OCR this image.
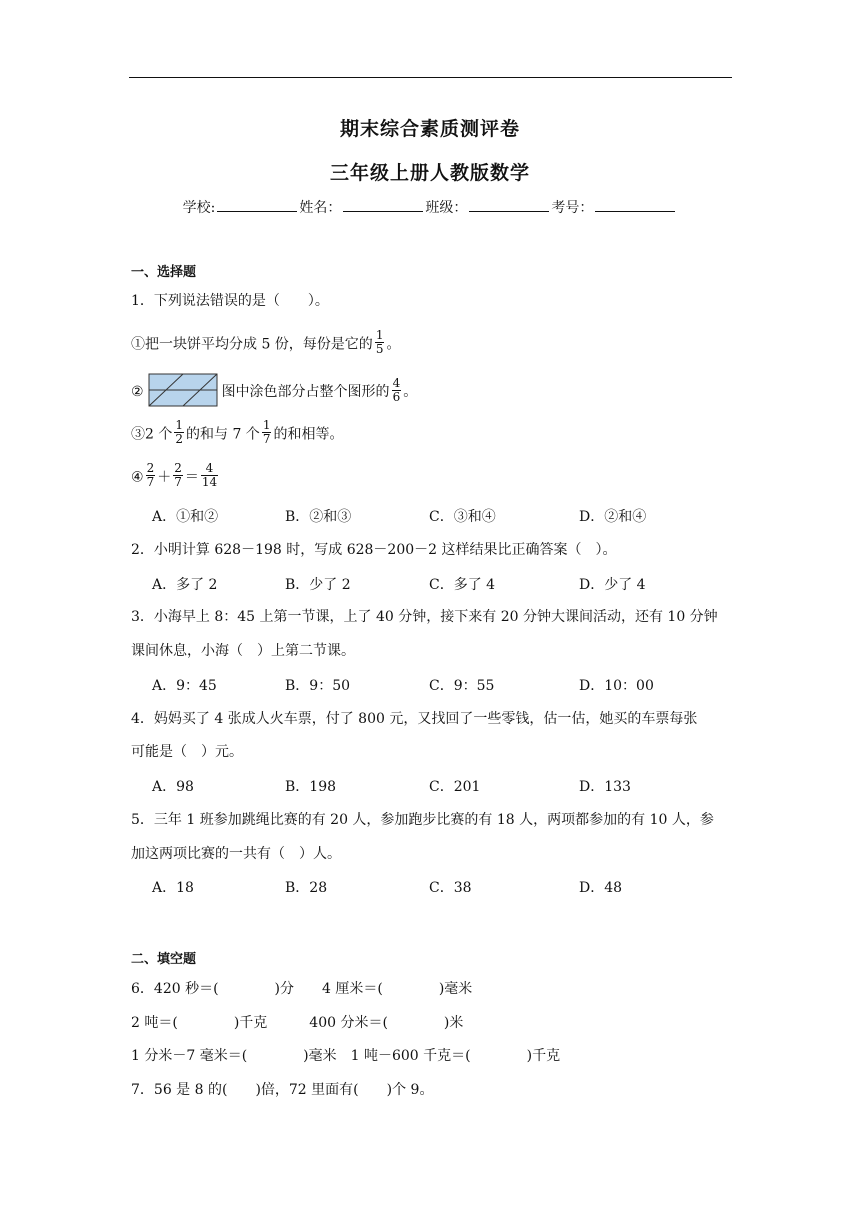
期末综合素质测评卷
三年级上册人教版数学
学校:	姓名：	班级：	考号：
一、选择题
1．下列说法错误的是（　　）。
①把一块饼平均分成 5 份，每份是它的 $\frac{1}{5}$ 。
②	图中涂色部分占整个图形的 $\frac{4}{6}$ 。
③2 个 $\frac{1}{2}$ 的和与 7 个 $\frac{1}{7}$ 的和相等。
④ $\frac{2}{7} + \frac{2}{7} = \frac{4}{14}$
A．①和②	B．②和③	C．③和④	D．②和④
2．小明计算 628－198 时，写成 628－200－2 这样结果比正确答案（　）。
A．多了 2	B．少了 2	C．多了 4	D．少了 4
3．小海早上 8：45 上第一节课，上了 40 分钟，接下来有 20 分钟大课间活动，还有 10 分钟
课间休息，小海（　）上第二节课。
A．9：45	B．9：50	C．9：55	D．10：00
4．妈妈买了 4 张成人火车票，付了 800 元，又找回了一些零钱，估一估，她买的车票每张
可能是（　）元。
A．98	B．198	C．201	D．133
5．三年 1 班参加跳绳比赛的有 20 人，参加跑步比赛的有 18 人，两项都参加的有 10 人，参
加这两项比赛的一共有（　）人。
A．18	B．28	C．38	D．48
二、填空题
6．420 秒＝(　　　　)分　　4 厘米＝(　　　　)毫米
2 吨＝(　　　　)千克　　　400 分米＝(　　　　)米
1 分米－7 毫米＝(　　　　)毫米　1 吨－600 千克＝(　　　　)千克
7．56 是 8 的(　　)倍，72 里面有(　　)个 9。
